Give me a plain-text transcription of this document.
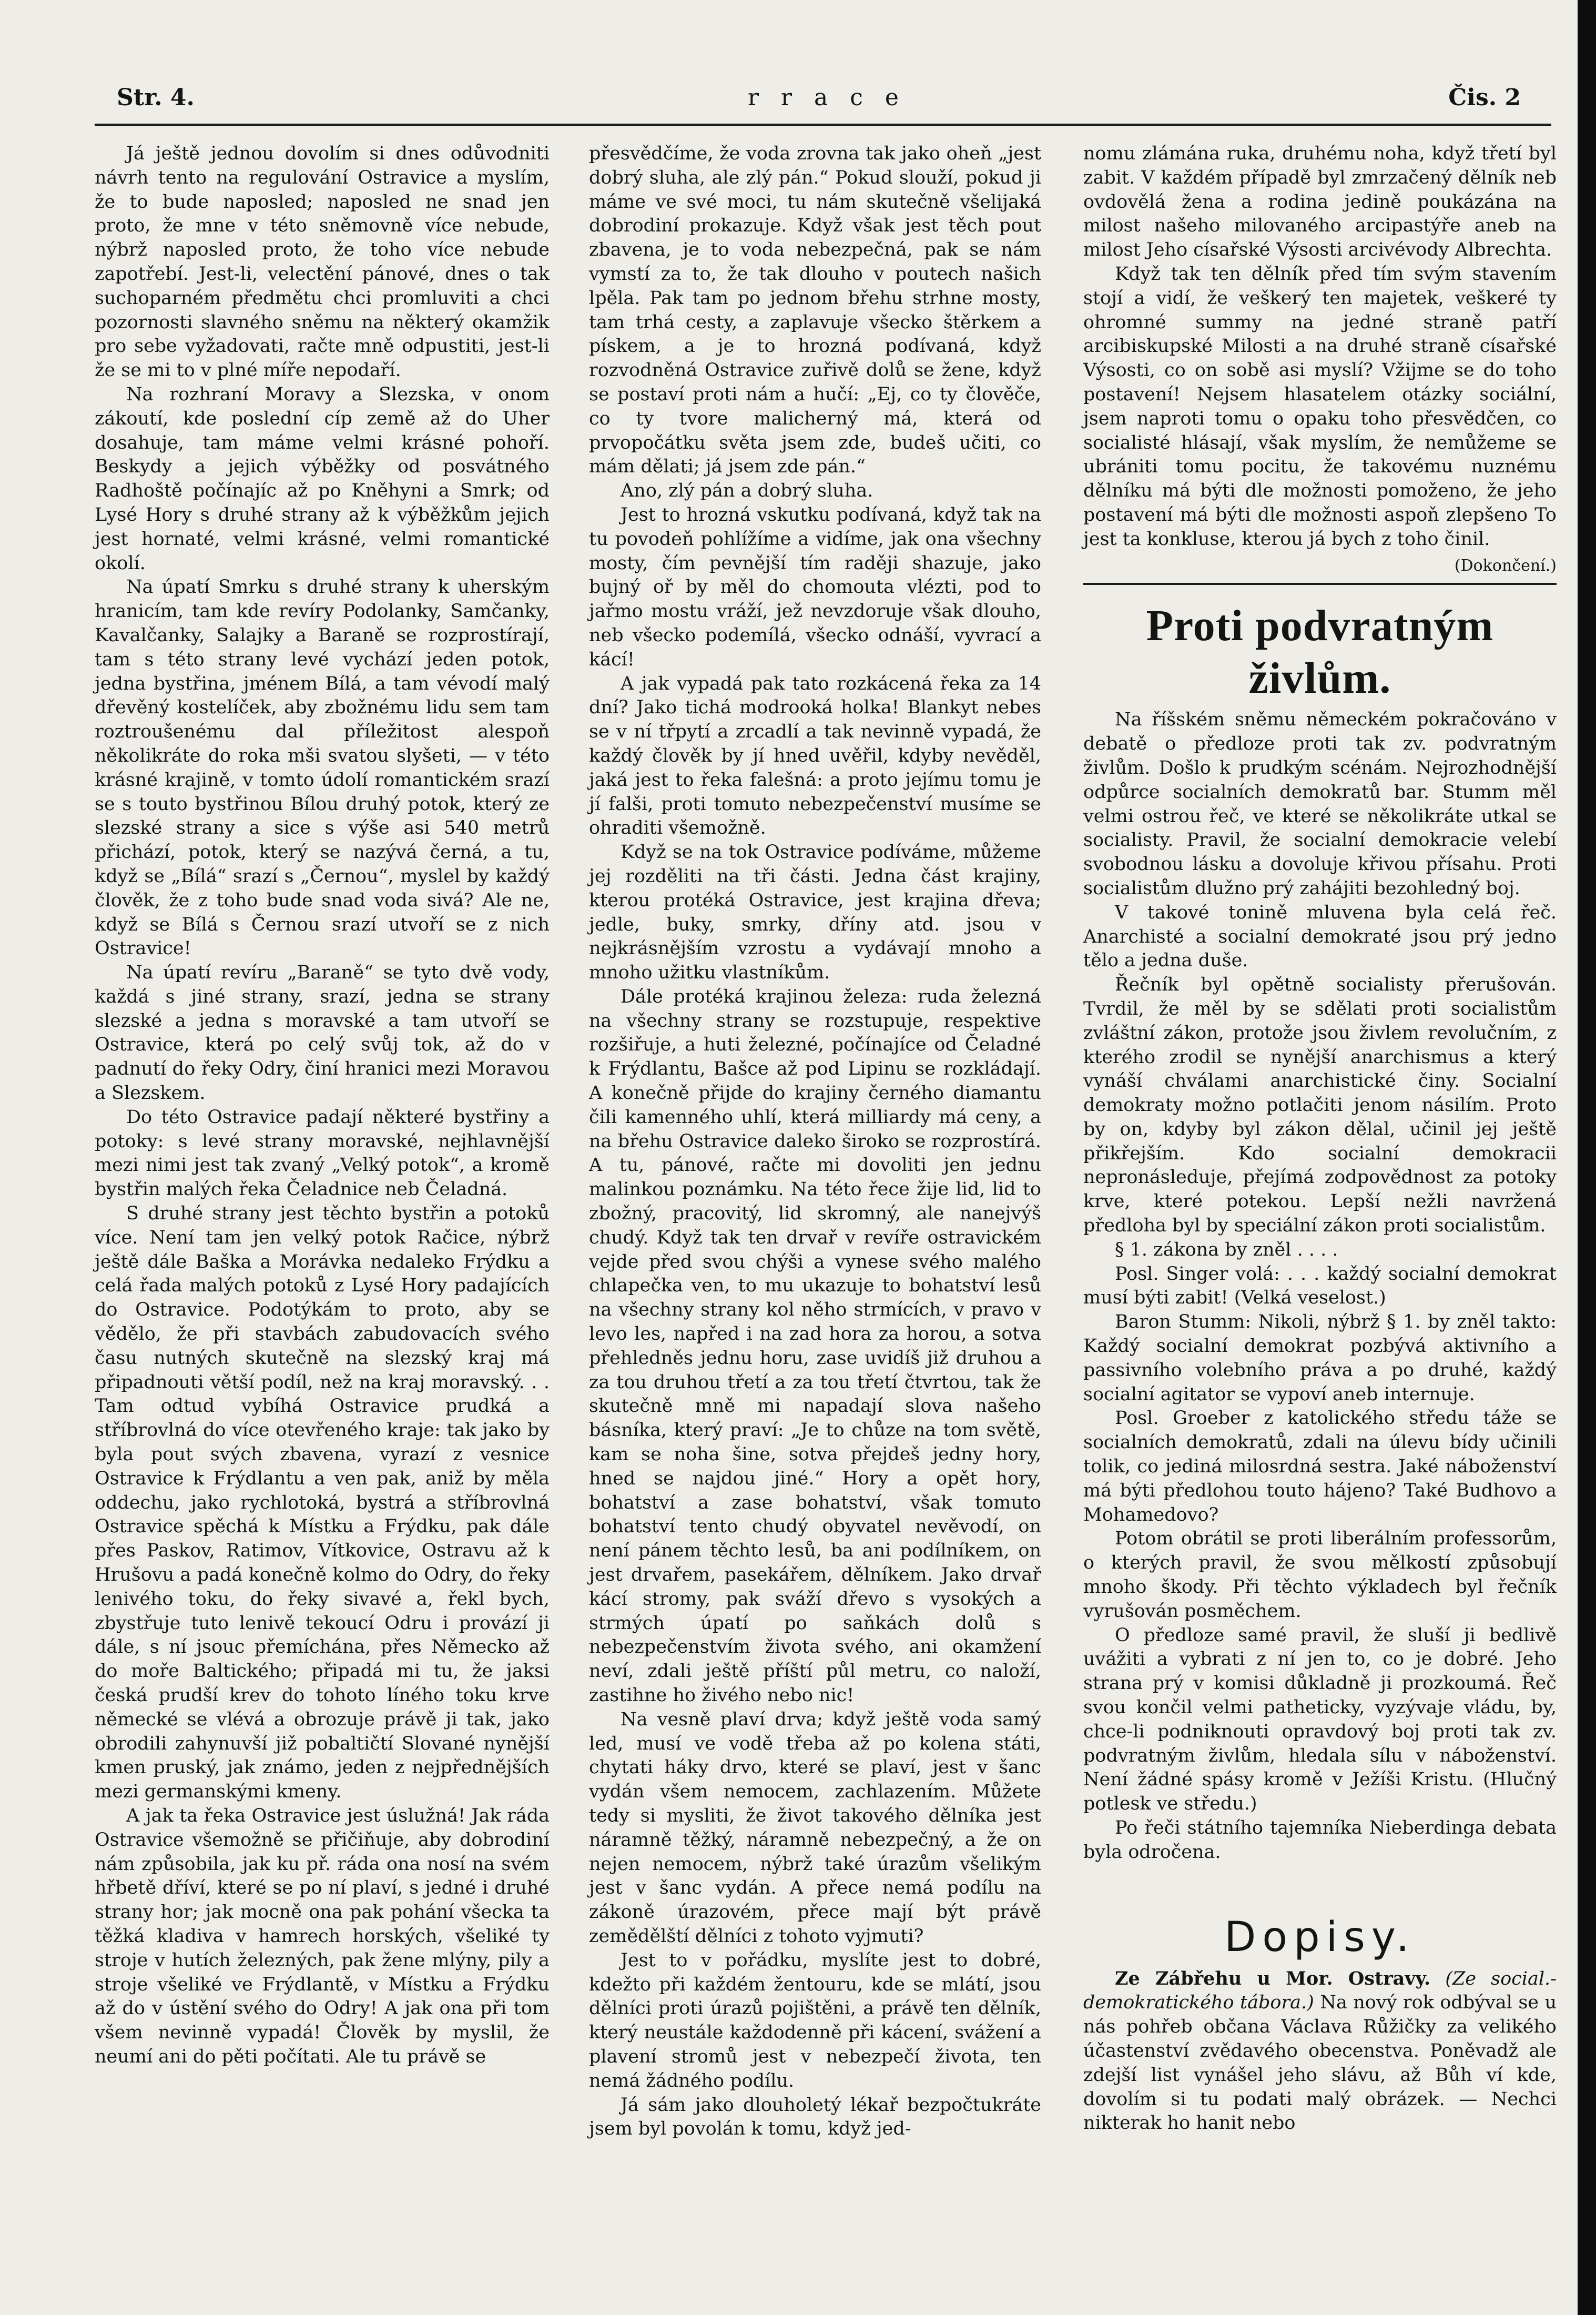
Str. 4.	r r a c e	Čis. 2

Já ještě jednou dovolím si dnes odůvodniti návrh tento na regulování Ostravice a myslím, že to bude naposled; naposled ne snad jen proto, že mne v této sněmovně více nebude, nýbrž naposled proto, že toho více nebude zapotřebí. Jest-li, velectění pánové, dnes o tak suchoparném předmětu chci promluviti a chci pozornosti slavného sněmu na některý okamžik pro sebe vyžadovati, račte mně odpustiti, jest-li že se mi to v plné míře nepodaří.

Na rozhraní Moravy a Slezska, v onom zákoutí, kde poslední cíp země až do Uher dosahuje, tam máme velmi krásné pohoří. Beskydy a jejich výběžky od posvátného Radhoště počínajíc až po Kněhyni a Smrk; od Lysé Hory s druhé strany až k výběžkům jejich jest hornaté, velmi krásné, velmi romantické okolí.

Na úpatí Smrku s druhé strany k uherským hranicím, tam kde revíry Podolanky, Samčanky, Kavalčanky, Salajky a Baraně se rozprostírají, tam s této strany levé vychází jeden potok, jedna bystřina, jménem Bílá, a tam vévodí malý dřevěný kostelíček, aby zbožnému lidu sem tam roztroušenému dal příležitost alespoň několikráte do roka mši svatou slyšeti, — v této krásné krajině, v tomto údolí romantickém srazí se s touto bystřinou Bílou druhý potok, který ze slezské strany a sice s výše asi 540 metrů přichází, potok, který se nazývá černá, a tu, když se „Bílá“ srazí s „Černou“, myslel by každý člověk, že z toho bude snad voda sivá? Ale ne, když se Bílá s Černou srazí utvoří se z nich Ostravice!

Na úpatí revíru „Baraně“ se tyto dvě vody, každá s jiné strany, srazí, jedna se strany slezské a jedna s moravské a tam utvoří se Ostravice, která po celý svůj tok, až do v padnutí do řeky Odry, činí hranici mezi Moravou a Slezskem.

Do této Ostravice padají některé bystřiny a potoky: s levé strany moravské, nejhlavnější mezi nimi jest tak zvaný „Velký potok“, a kromě bystřin malých řeka Čeladnice neb Čeladná.

S druhé strany jest těchto bystřin a potoků více. Není tam jen velký potok Račice, nýbrž ještě dále Baška a Morávka nedaleko Frýdku a celá řada malých potoků z Lysé Hory padajících do Ostravice. Podotýkám to proto, aby se vědělo, že při stavbách zabudovacích svého času nutných skutečně na slezský kraj má připadnouti větší podíl, než na kraj moravský. . . Tam odtud vybíhá Ostravice prudká a stříbrovlná do více otevřeného kraje: tak jako by byla pout svých zbavena, vyrazí z vesnice Ostravice k Frýdlantu a ven pak, aniž by měla oddechu, jako rychlotoká, bystrá a stříbrovlná Ostravice spěchá k Místku a Frýdku, pak dále přes Paskov, Ratimov, Vítkovice, Ostravu až k Hrušovu a padá konečně kolmo do Odry, do řeky lenivého toku, do řeky sivavé a, řekl bych, zbystřuje tuto lenivě tekoucí Odru i provází ji dále, s ní jsouc přemíchána, přes Německo až do moře Baltického; připadá mi tu, že jaksi česká prudší krev do tohoto líného toku krve německé se vlévá a obrozuje právě ji tak, jako obrodili zahynuvší již pobaltičtí Slované nynější kmen pruský, jak známo, jeden z nejpřednějších mezi germanskými kmeny.

A jak ta řeka Ostravice jest úslužná! Jak ráda Ostravice všemožně se přičiňuje, aby dobrodiní nám způsobila, jak ku př. ráda ona nosí na svém hřbetě dříví, které se po ní plaví, s jedné i druhé strany hor; jak mocně ona pak pohání všecka ta těžká kladiva v hamrech horských, všeliké ty stroje v hutích železných, pak žene mlýny, pily a stroje všeliké ve Frýdlantě, v Místku a Frýdku až do v ústění svého do Odry! A jak ona při tom všem nevinně vypadá! Člověk by myslil, že neumí ani do pěti počítati. Ale tu právě se

přesvědčíme, že voda zrovna tak jako oheň „jest dobrý sluha, ale zlý pán.“ Pokud slouží, pokud ji máme ve své moci, tu nám skutečně všelijaká dobrodiní prokazuje. Když však jest těch pout zbavena, je to voda nebezpečná, pak se nám vymstí za to, že tak dlouho v poutech našich lpěla. Pak tam po jednom břehu strhne mosty, tam trhá cesty, a zaplavuje všecko štěrkem a pískem, a je to hrozná podívaná, když rozvodněná Ostravice zuřivě dolů se žene, když se postaví proti nám a hučí: „Ej, co ty člověče, co ty tvore malicherný má, která od prvopočátku světa jsem zde, budeš učiti, co mám dělati; já jsem zde pán.“

Ano, zlý pán a dobrý sluha.

Jest to hrozná vskutku podívaná, když tak na tu povodeň pohlížíme a vidíme, jak ona všechny mosty, čím pevnější tím raději shazuje, jako bujný oř by měl do chomouta vlézti, pod to jařmo mostu vráží, jež nevzdoruje však dlouho, neb všecko podemílá, všecko odnáší, vyvrací a kácí!

A jak vypadá pak tato rozkácená řeka za 14 dní? Jako tichá modrooká holka! Blankyt nebes se v ní třpytí a zrcadlí a tak nevinně vypadá, že každý člověk by jí hned uvěřil, kdyby nevěděl, jaká jest to řeka falešná: a proto jejímu tomu je jí falši, proti tomuto nebezpečenství musíme se ohraditi všemožně.

Když se na tok Ostravice podíváme, můžeme jej rozděliti na tři části. Jedna část krajiny, kterou protéká Ostravice, jest krajina dřeva; jedle, buky, smrky, dříny atd. jsou v nejkrásnějším vzrostu a vydávají mnoho a mnoho užitku vlastníkům.

Dále protéká krajinou železa: ruda železná na všechny strany se rozstupuje, respektive rozšiřuje, a huti železné, počínajíce od Čeladné k Frýdlantu, Bašce až pod Lipinu se rozkládají. A konečně přijde do krajiny černého diamantu čili kamenného uhlí, která milliardy má ceny, a na břehu Ostravice daleko široko se rozprostírá. A tu, pánové, račte mi dovoliti jen jednu malinkou poznámku. Na této řece žije lid, lid to zbožný, pracovitý, lid skromný, ale nanejvýš chudý. Když tak ten drvař v revíře ostravickém vejde před svou chýši a vynese svého malého chlapečka ven, to mu ukazuje to bohatství lesů na všechny strany kol něho strmících, v pravo v levo les, napřed i na zad hora za horou, a sotva přehledněs jednu horu, zase uvidíš již druhou a za tou druhou třetí a za tou třetí čtvrtou, tak že skutečně mně mi napadají slova našeho básníka, který praví: „Je to chůze na tom světě, kam se noha šine, sotva přejdeš jedny hory, hned se najdou jiné.“ Hory a opět hory, bohatství a zase bohatství, však tomuto bohatství tento chudý obyvatel nevěvodí, on není pánem těchto lesů, ba ani podílníkem, on jest drvařem, pasekářem, dělníkem. Jako drvař kácí stromy, pak sváží dřevo s vysokých a strmých úpatí po saňkách dolů s nebezpečenstvím života svého, ani okamžení neví, zdali ještě příští půl metru, co naloží, zastihne ho živého nebo nic!

Na vesně plaví drva; když ještě voda samý led, musí ve vodě třeba až po kolena státi, chytati háky drvo, které se plaví, jest v šanc vydán všem nemocem, zachlazením. Můžete tedy si mysliti, že život takového dělníka jest náramně těžký, náramně nebezpečný, a že on nejen nemocem, nýbrž také úrazům všelikým jest v šanc vydán. A přece nemá podílu na zákoně úrazovém, přece mají být právě zemědělští dělníci z tohoto vyjmuti?

Jest to v pořádku, myslíte jest to dobré, kdežto při každém žentouru, kde se mlátí, jsou dělníci proti úrazů pojištěni, a právě ten dělník, který neustále každodenně při kácení, svážení a plavení stromů jest v nebezpečí života, ten nemá žádného podílu.

Já sám jako dlouholetý lékař bezpočtukráte jsem byl povolán k tomu, když jed-

nomu zlámána ruka, druhému noha, když třetí byl zabit. V každém případě byl zmrzačený dělník neb ovdovělá žena a rodina jedině poukázána na milost našeho milovaného arcipastýře aneb na milost Jeho císařské Výsosti arcivévody Albrechta.

Když tak ten dělník před tím svým stavením stojí a vidí, že veškerý ten majetek, veškeré ty ohromné summy na jedné straně patří arcibiskupské Milosti a na druhé straně císařské Výsosti, co on sobě asi myslí? Vžijme se do toho postavení! Nejsem hlasatelem otázky sociální, jsem naproti tomu o opaku toho přesvědčen, co socialisté hlásají, však myslím, že nemůžeme se ubrániti tomu pocitu, že takovému nuznému dělníku má býti dle možnosti pomoženo, že jeho postavení má býti dle možnosti aspoň zlepšeno To jest ta konkluse, kterou já bych z toho činil.

(Dokončení.)
Proti podvratným živlům.

Na říšském sněmu německém pokračováno v debatě o předloze proti tak zv. podvratným živlům. Došlo k prudkým scénám. Nejrozhodnější odpůrce socialních demokratů bar. Stumm měl velmi ostrou řeč, ve které se několikráte utkal se socialisty. Pravil, že socialní demokracie velebí svobodnou lásku a dovoluje křivou přísahu. Proti socialistům dlužno prý zahájiti bezohledný boj.

V takové tonině mluvena byla celá řeč. Anarchisté a socialní demokraté jsou prý jedno tělo a jedna duše.

Řečník byl opětně socialisty přerušován. Tvrdil, že měl by se sdělati proti socialistům zvláštní zákon, protože jsou živlem revolučním, z kterého zrodil se nynější anarchismus a který vynáší chválami anarchistické činy. Socialní demokraty možno potlačiti jenom násilím. Proto by on, kdyby byl zákon dělal, učinil jej ještě přikřejším. Kdo socialní demokracii nepronásleduje, přejímá zodpovědnost za potoky krve, které potekou. Lepší nežli navržená předloha byl by speciální zákon proti socialistům.

§ 1. zákona by zněl . . . .

Posl. Singer volá: . . . každý socialní demokrat musí býti zabit! (Velká veselost.)

Baron Stumm: Nikoli, nýbrž § 1. by zněl takto: Každý socialní demokrat pozbývá aktivního a passivního volebního práva a po druhé, každý socialní agitator se vypoví aneb internuje.

Posl. Groeber z katolického středu táže se socialních demokratů, zdali na úlevu bídy učinili tolik, co jediná milosrdná sestra. Jaké náboženství má býti předlohou touto hájeno? Také Budhovo a Mohamedovo?

Potom obrátil se proti liberálním professorům, o kterých pravil, že svou mělkostí způsobují mnoho škody. Při těchto výkladech byl řečník vyrušován posměchem.

O předloze samé pravil, že sluší ji bedlivě uvážiti a vybrati z ní jen to, co je dobré. Jeho strana prý v komisi důkladně ji prozkoumá. Řeč svou končil velmi patheticky, vyzývaje vládu, by, chce-li podniknouti opravdový boj proti tak zv. podvratným živlům, hledala sílu v náboženství. Není žádné spásy kromě v Ježíši Kristu. (Hlučný potlesk ve středu.)

Po řeči státního tajemníka Nieberdinga debata byla odročena.

Dopisy.

Ze Zábřehu u Mor. Ostravy. (Ze social.-demokratického tábora.) Na nový rok odbýval se u nás pohřeb občana Václava Růžičky za velikého účastenství zvědavého obecenstva. Poněvadž ale zdejší list vynášel jeho slávu, až Bůh ví kde, dovolím si tu podati malý obrázek. — Nechci nikterak ho hanit nebo
